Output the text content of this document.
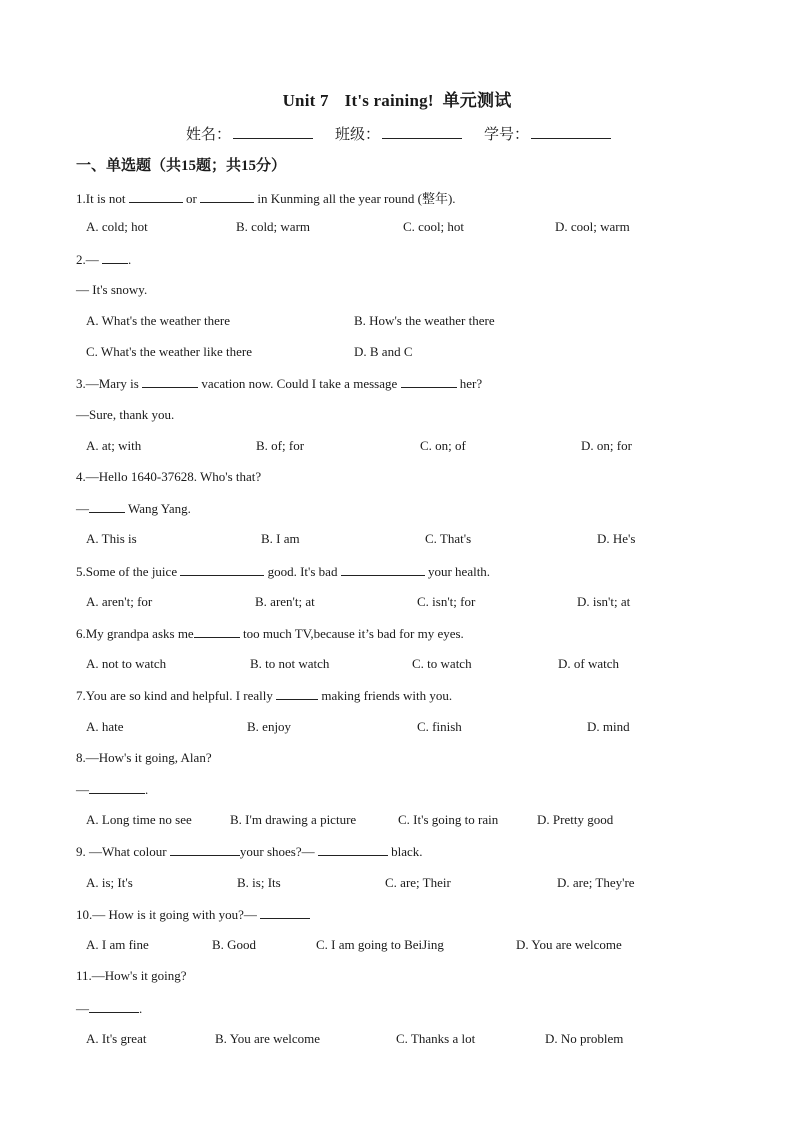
Unit 7 It's raining! 单元测试
姓名：	班级：	学号：
一、单选题（共15题；共15分）
1.It is not	or	in Kunming all the year round (整年).
A. cold; hot	B. cold; warm	C. cool; hot	D. cool; warm
2.— .
— It's snowy.
A. What's the weather there	B. How's the weather there
C. What's the weather like there	D. B and C
3.—Mary is	vacation now. Could I take a message	her?
—Sure, thank you.
A. at; with	B. of; for	C. on; of	D. on; for
4.—Hello 1640-37628. Who's that?
—	Wang Yang.
A. This is	B. I am	C. That's	D. He's
5.Some of the juice	good. It's bad	your health.
A. aren't; for	B. aren't; at	C. isn't; for	D. isn't; at
6.My grandpa asks me	too much TV,because it’s bad for my eyes.
A. not to watch	B. to not watch	C. to watch	D. of watch
7.You are so kind and helpful. I really	making friends with you.
A. hate	B. enjoy	C. finish	D. mind
8.—How's it going, Alan?
—	.
A. Long time no see	B. I'm drawing a picture	C. It's going to rain	D. Pretty good
9. —What colour	your shoes?—	black.
A. is; It's	B. is; Its	C. are; Their	D. are; They're
10.— How is it going with you?—
A. I am fine	B. Good	C. I am going to BeiJing	D. You are welcome
11.—How's it going?
—	.
A. It's great	B. You are welcome	C. Thanks a lot	D. No problem
